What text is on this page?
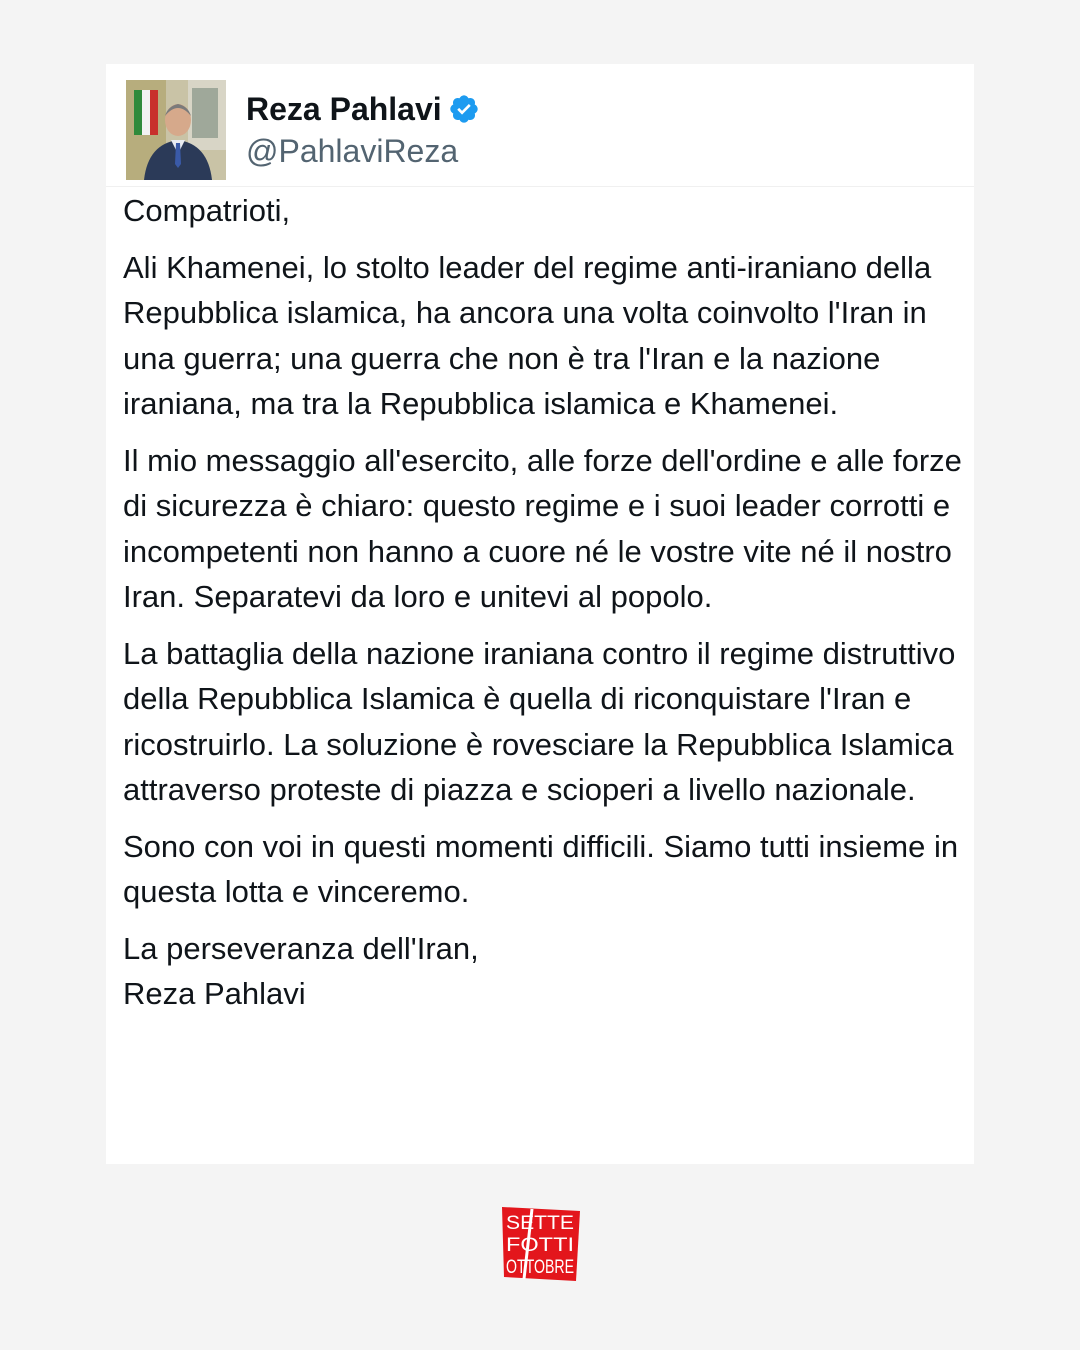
Reza Pahlavi
@PahlaviReza

Compatrioti,

Ali Khamenei, lo stolto leader del regime anti-iraniano della Repubblica islamica, ha ancora una volta coinvolto l'Iran in una guerra; una guerra che non è tra l'Iran e la nazione iraniana, ma tra la Repubblica islamica e Khamenei.

Il mio messaggio all'esercito, alle forze dell'ordine e alle forze di sicurezza è chiaro: questo regime e i suoi leader corrotti e incompetenti non hanno a cuore né le vostre vite né il nostro Iran. Separatevi da loro e unitevi al popolo.

La battaglia della nazione iraniana contro il regime distruttivo della Repubblica Islamica è quella di riconquistare l'Iran e ricostruirlo. La soluzione è rovesciare la Repubblica Islamica attraverso proteste di piazza e scioperi a livello nazionale.

Sono con voi in questi momenti difficili. Siamo tutti insieme in questa lotta e vinceremo.

La perseveranza dell'Iran,
Reza Pahlavi

SETTE
FOTTI
OTTOBRE
